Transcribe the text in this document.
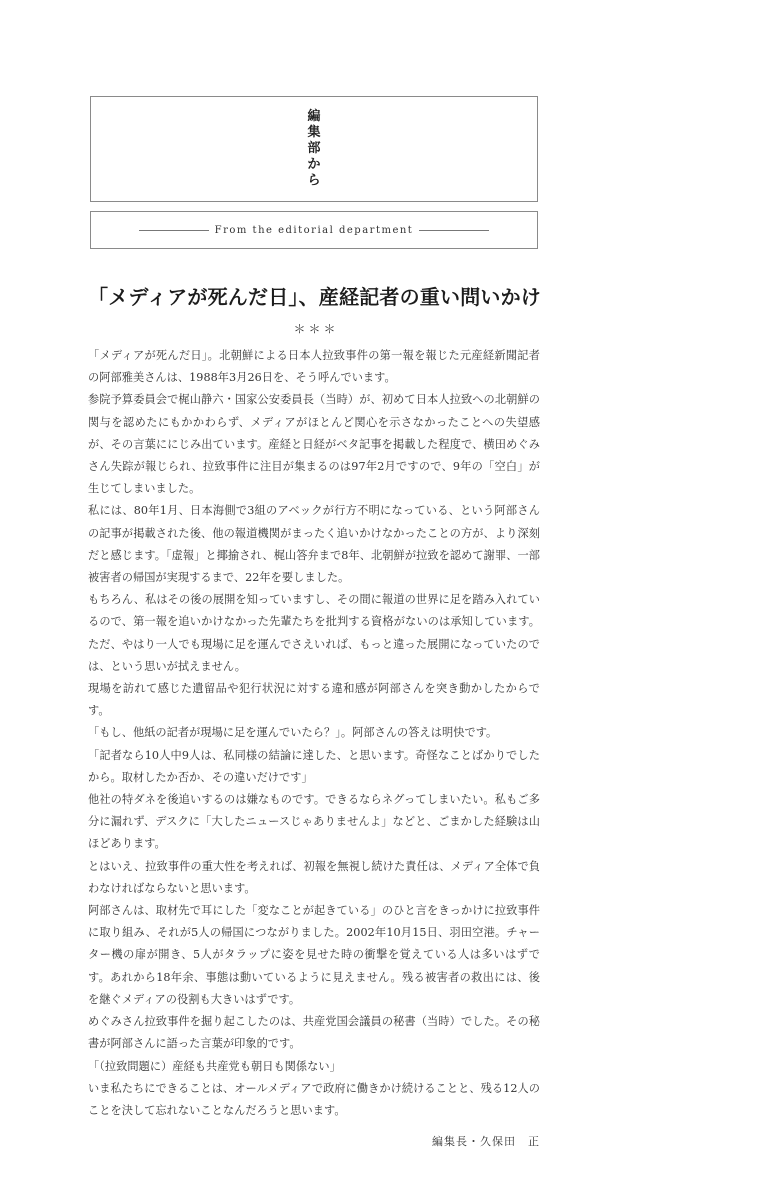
編集部から
From the editorial department
「メディアが死んだ日」、産経記者の重い問いかけ
＊＊＊

「メディアが死んだ日」。北朝鮮による日本人拉致事件の第一報を報じた元産経新聞記者の阿部雅美さんは、1988年3月26日を、そう呼んでいます。

参院予算委員会で梶山静六・国家公安委員長（当時）が、初めて日本人拉致への北朝鮮の関与を認めたにもかかわらず、メディアがほとんど関心を示さなかったことへの失望感が、その言葉ににじみ出ています。産経と日経がベタ記事を掲載した程度で、横田めぐみさん失踪が報じられ、拉致事件に注目が集まるのは97年2月ですので、9年の「空白」が生じてしまいました。

私には、80年1月、日本海側で3組のアベックが行方不明になっている、という阿部さんの記事が掲載された後、他の報道機関がまったく追いかけなかったことの方が、より深刻だと感じます。「虚報」と揶揄され、梶山答弁まで8年、北朝鮮が拉致を認めて謝罪、一部被害者の帰国が実現するまで、22年を要しました。

もちろん、私はその後の展開を知っていますし、その間に報道の世界に足を踏み入れているので、第一報を追いかけなかった先輩たちを批判する資格がないのは承知しています。ただ、やはり一人でも現場に足を運んでさえいれば、もっと違った展開になっていたのでは、という思いが拭えません。

現場を訪れて感じた遺留品や犯行状況に対する違和感が阿部さんを突き動かしたからです。

「もし、他紙の記者が現場に足を運んでいたら？」。阿部さんの答えは明快です。

「記者なら10人中9人は、私同様の結論に達した、と思います。奇怪なことばかりでしたから。取材したか否か、その違いだけです」

他社の特ダネを後追いするのは嫌なものです。できるならネグってしまいたい。私もご多分に漏れず、デスクに「大したニュースじゃありませんよ」などと、ごまかした経験は山ほどあります。

とはいえ、拉致事件の重大性を考えれば、初報を無視し続けた責任は、メディア全体で負わなければならないと思います。

阿部さんは、取材先で耳にした「変なことが起きている」のひと言をきっかけに拉致事件に取り組み、それが5人の帰国につながりました。2002年10月15日、羽田空港。チャーター機の扉が開き、5人がタラップに姿を見せた時の衝撃を覚えている人は多いはずです。あれから18年余、事態は動いているように見えません。残る被害者の救出には、後を継ぐメディアの役割も大きいはずです。

めぐみさん拉致事件を掘り起こしたのは、共産党国会議員の秘書（当時）でした。その秘書が阿部さんに語った言葉が印象的です。

「（拉致問題に）産経も共産党も朝日も関係ない」

いま私たちにできることは、オールメディアで政府に働きかけ続けることと、残る12人のことを決して忘れないことなんだろうと思います。

編集長・久保田　正
